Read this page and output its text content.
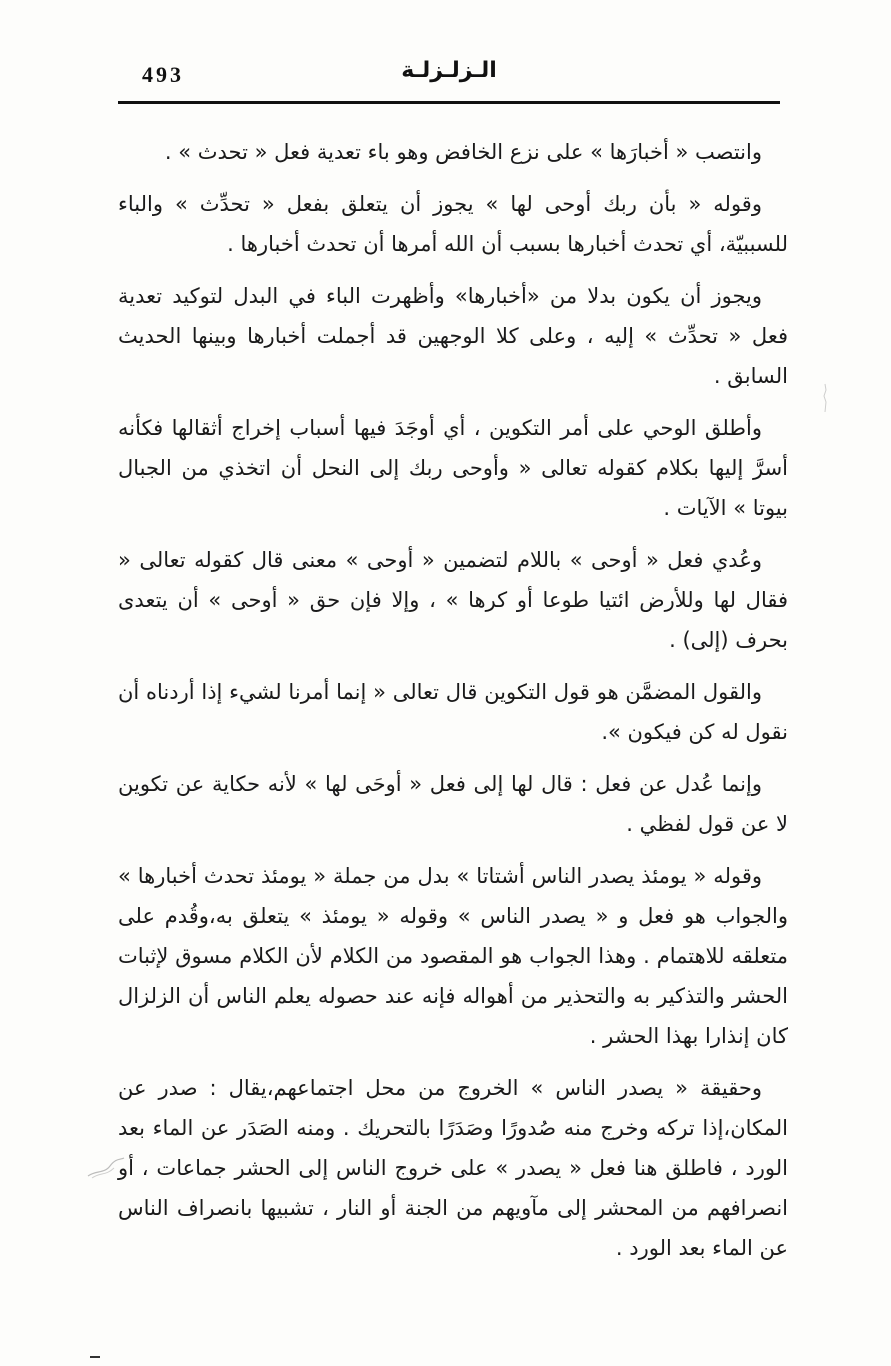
493	الـزلـزلـة

وانتصب « أخبارَها » على نزع الخافض وهو باء تعدية فعل « تحدث » .

وقوله « بأن ربك أوحى لها » يجوز أن يتعلق بفعل « تحدِّث » والباء للسببيّة، أي تحدث أخبارها بسبب أن الله أمرها أن تحدث أخبارها .

ويجوز أن يكون بدلا من «أخبارها» وأظهرت الباء في البدل لتوكيد تعدية فعل « تحدِّث » إليه ، وعلى كلا الوجهين قد أجملت أخبارها وبينها الحديث السابق .

وأطلق الوحي على أمر التكوين ، أي أوجَدَ فيها أسباب إخراج أثقالها فكأنه أسرَّ إليها بكلام كقوله تعالى « وأوحى ربك إلى النحل أن اتخذي من الجبال بيوتا » الآيات .

وعُدي فعل « أوحى » باللام لتضمين « أوحى » معنى قال كقوله تعالى « فقال لها وللأرض ائتيا طوعا أو كرها » ، وإلا فإن حق « أوحى » أن يتعدى بحرف (إلى) .

والقول المضمَّن هو قول التكوين قال تعالى « إنما أمرنا لشيء إذا أردناه أن نقول له كن فيكون ».

وإنما عُدل عن فعل : قال لها إلى فعل « أوحَى لها » لأنه حكاية عن تكوين لا عن قول لفظي .

وقوله « يومئذ يصدر الناس أشتاتا » بدل من جملة « يومئذ تحدث أخبارها » والجواب هو فعل و « يصدر الناس » وقوله « يومئذ » يتعلق به،وقُدم على متعلقه للاهتمام . وهذا الجواب هو المقصود من الكلام لأن الكلام مسوق لإثبات الحشر والتذكير به والتحذير من أهواله فإنه عند حصوله يعلم الناس أن الزلزال كان إنذارا بهذا الحشر .

وحقيقة « يصدر الناس » الخروج من محل اجتماعهم،يقال : صدر عن المكان،إذا تركه وخرج منه صُدورًا وصَدَرًا بالتحريك . ومنه الصَدَر عن الماء بعد الورد ، فاطلق هنا فعل « يصدر » على خروج الناس إلى الحشر جماعات ، أو انصرافهم من المحشر إلى مآويهم من الجنة أو النار ، تشبيها بانصراف الناس عن الماء بعد الورد .
